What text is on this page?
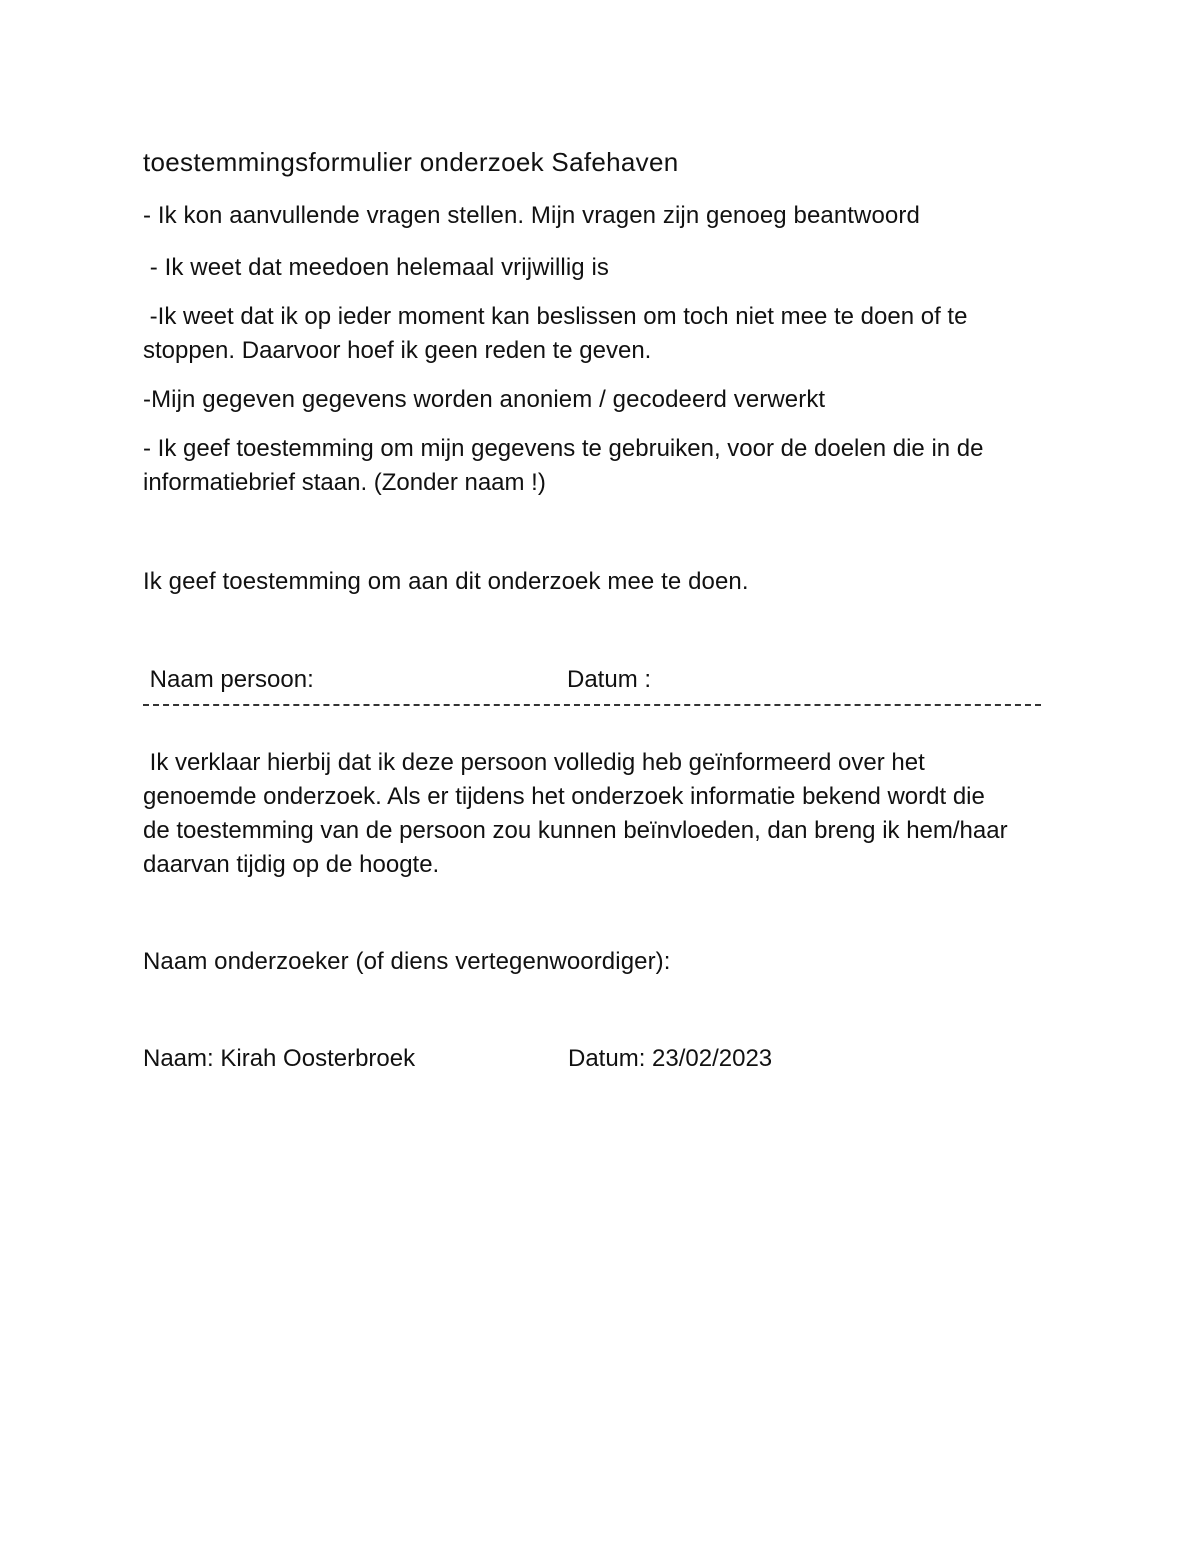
toestemmingsformulier onderzoek Safehaven
- Ik kon aanvullende vragen stellen. Mijn vragen zijn genoeg beantwoord
- Ik weet dat meedoen helemaal vrijwillig is

-Ik weet dat ik op ieder moment kan beslissen om toch niet mee te doen of te

stoppen. Daarvoor hoef ik geen reden te geven.

-Mijn gegeven gegevens worden anoniem / gecodeerd verwerkt

- Ik geef toestemming om mijn gegevens te gebruiken, voor de doelen die in de

informatiebrief staan. (Zonder naam !)

Ik geef toestemming om aan dit onderzoek mee te doen.
Naam persoon:	Datum :

Ik verklaar hierbij dat ik deze persoon volledig heb geïnformeerd over het

genoemde onderzoek. Als er tijdens het onderzoek informatie bekend wordt die

de toestemming van de persoon zou kunnen beïnvloeden, dan breng ik hem/haar

daarvan tijdig op de hoogte.

Naam onderzoeker (of diens vertegenwoordiger):
Naam: Kirah Oosterbroek	Datum: 23/02/2023
